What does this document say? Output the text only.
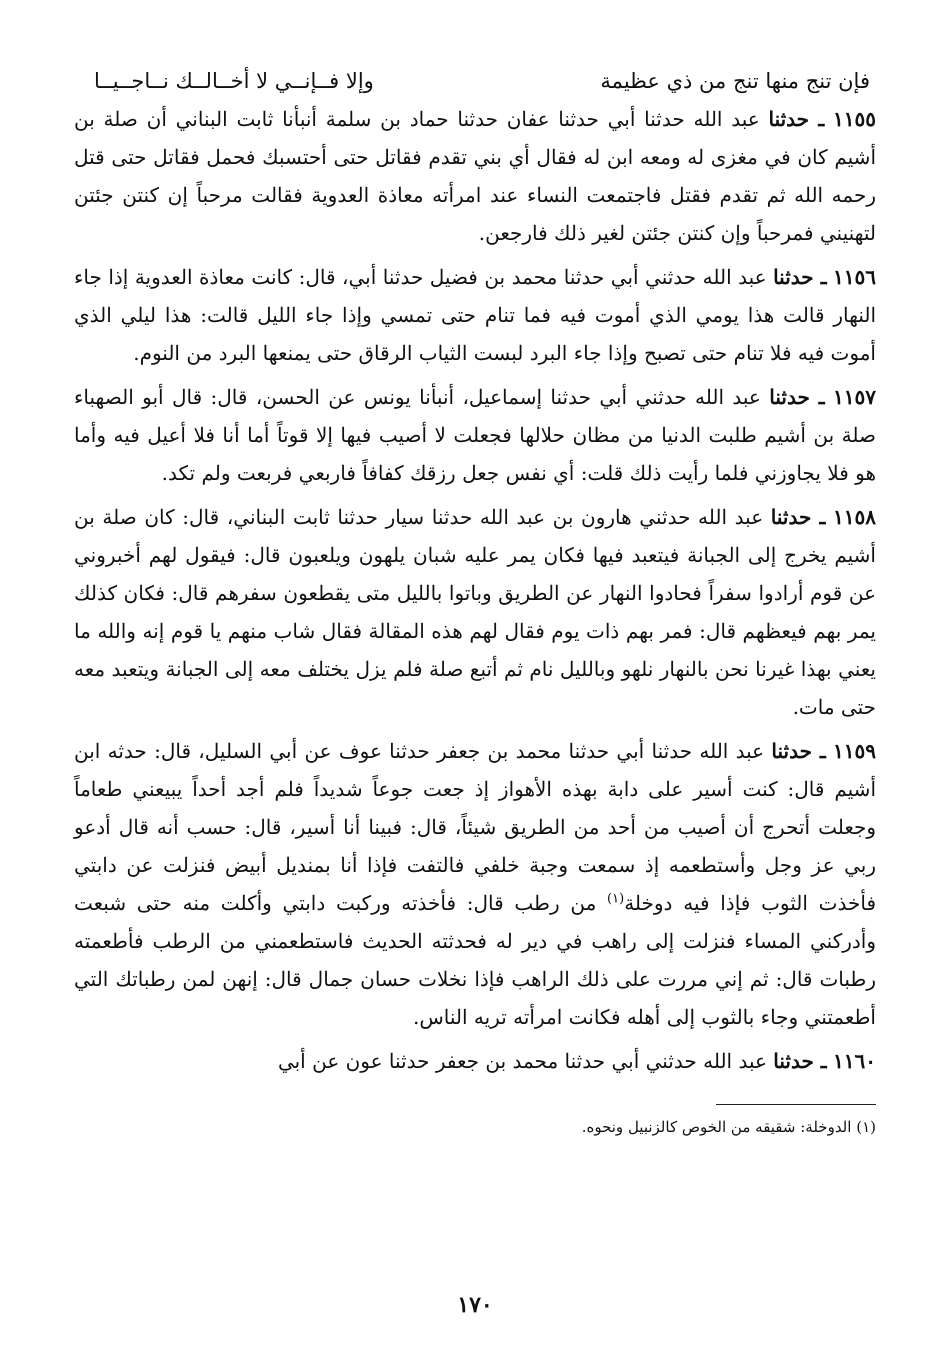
فإن تنج منها تنج من ذي عظيمة
وإلا فــإنــي لا أخــالــك نــاجــيــا

١١٥٥ ـ حدثنا عبد الله حدثنا أبي حدثنا عفان حدثنا حماد بن سلمة أنبأنا ثابت البناني أن صلة بن أشيم كان في مغزى له ومعه ابن له فقال أي بني تقدم فقاتل حتى أحتسبك فحمل فقاتل حتى قتل رحمه الله ثم تقدم فقتل فاجتمعت النساء عند امرأته معاذة العدوية فقالت مرحباً إن كنتن جئتن لتهنيني فمرحباً وإن كنتن جئتن لغير ذلك فارجعن.

١١٥٦ ـ حدثنا عبد الله حدثني أبي حدثنا محمد بن فضيل حدثنا أبي، قال: كانت معاذة العدوية إذا جاء النهار قالت هذا يومي الذي أموت فيه فما تنام حتى تمسي وإذا جاء الليل قالت: هذا ليلي الذي أموت فيه فلا تنام حتى تصبح وإذا جاء البرد لبست الثياب الرقاق حتى يمنعها البرد من النوم.

١١٥٧ ـ حدثنا عبد الله حدثني أبي حدثنا إسماعيل، أنبأنا يونس عن الحسن، قال: قال أبو الصهباء صلة بن أشيم طلبت الدنيا من مظان حلالها فجعلت لا أصيب فيها إلا قوتاً أما أنا فلا أعيل فيه وأما هو فلا يجاوزني فلما رأيت ذلك قلت: أي نفس جعل رزقك كفافاً فاربعي فربعت ولم تكد.

١١٥٨ ـ حدثنا عبد الله حدثني هارون بن عبد الله حدثنا سيار حدثنا ثابت البناني، قال: كان صلة بن أشيم يخرج إلى الجبانة فيتعبد فيها فكان يمر عليه شبان يلهون ويلعبون قال: فيقول لهم أخبروني عن قوم أرادوا سفراً فحادوا النهار عن الطريق وباتوا بالليل متى يقطعون سفرهم قال: فكان كذلك يمر بهم فيعظهم قال: فمر بهم ذات يوم فقال لهم هذه المقالة فقال شاب منهم يا قوم إنه والله ما يعني بهذا غيرنا نحن بالنهار نلهو وبالليل نام ثم أتبع صلة فلم يزل يختلف معه إلى الجبانة ويتعبد معه حتى مات.

١١٥٩ ـ حدثنا عبد الله حدثنا أبي حدثنا محمد بن جعفر حدثنا عوف عن أبي السليل، قال: حدثه ابن أشيم قال: كنت أسير على دابة بهذه الأهواز إذ جعت جوعاً شديداً فلم أجد أحداً يبيعني طعاماً وجعلت أتحرج أن أصيب من أحد من الطريق شيئاً، قال: فبينا أنا أسير، قال: حسب أنه قال أدعو ربي عز وجل وأستطعمه إذ سمعت وجبة خلفي فالتفت فإذا أنا بمنديل أبيض فنزلت عن دابتي فأخذت الثوب فإذا فيه دوخلة$^{(١)}$ من رطب قال: فأخذته وركبت دابتي وأكلت منه حتى شبعت وأدركني المساء فنزلت إلى راهب في دير له فحدثته الحديث فاستطعمني من الرطب فأطعمته رطبات قال: ثم إني مررت على ذلك الراهب فإذا نخلات حسان جمال قال: إنهن لمن رطباتك التي أطعمتني وجاء بالثوب إلى أهله فكانت امرأته تريه الناس.

١١٦٠ ـ حدثنا عبد الله حدثني أبي حدثنا محمد بن جعفر حدثنا عون عن أبي

(١) الدوخلة: شقيقه من الخوص كالزنبيل ونحوه.
١٧٠
